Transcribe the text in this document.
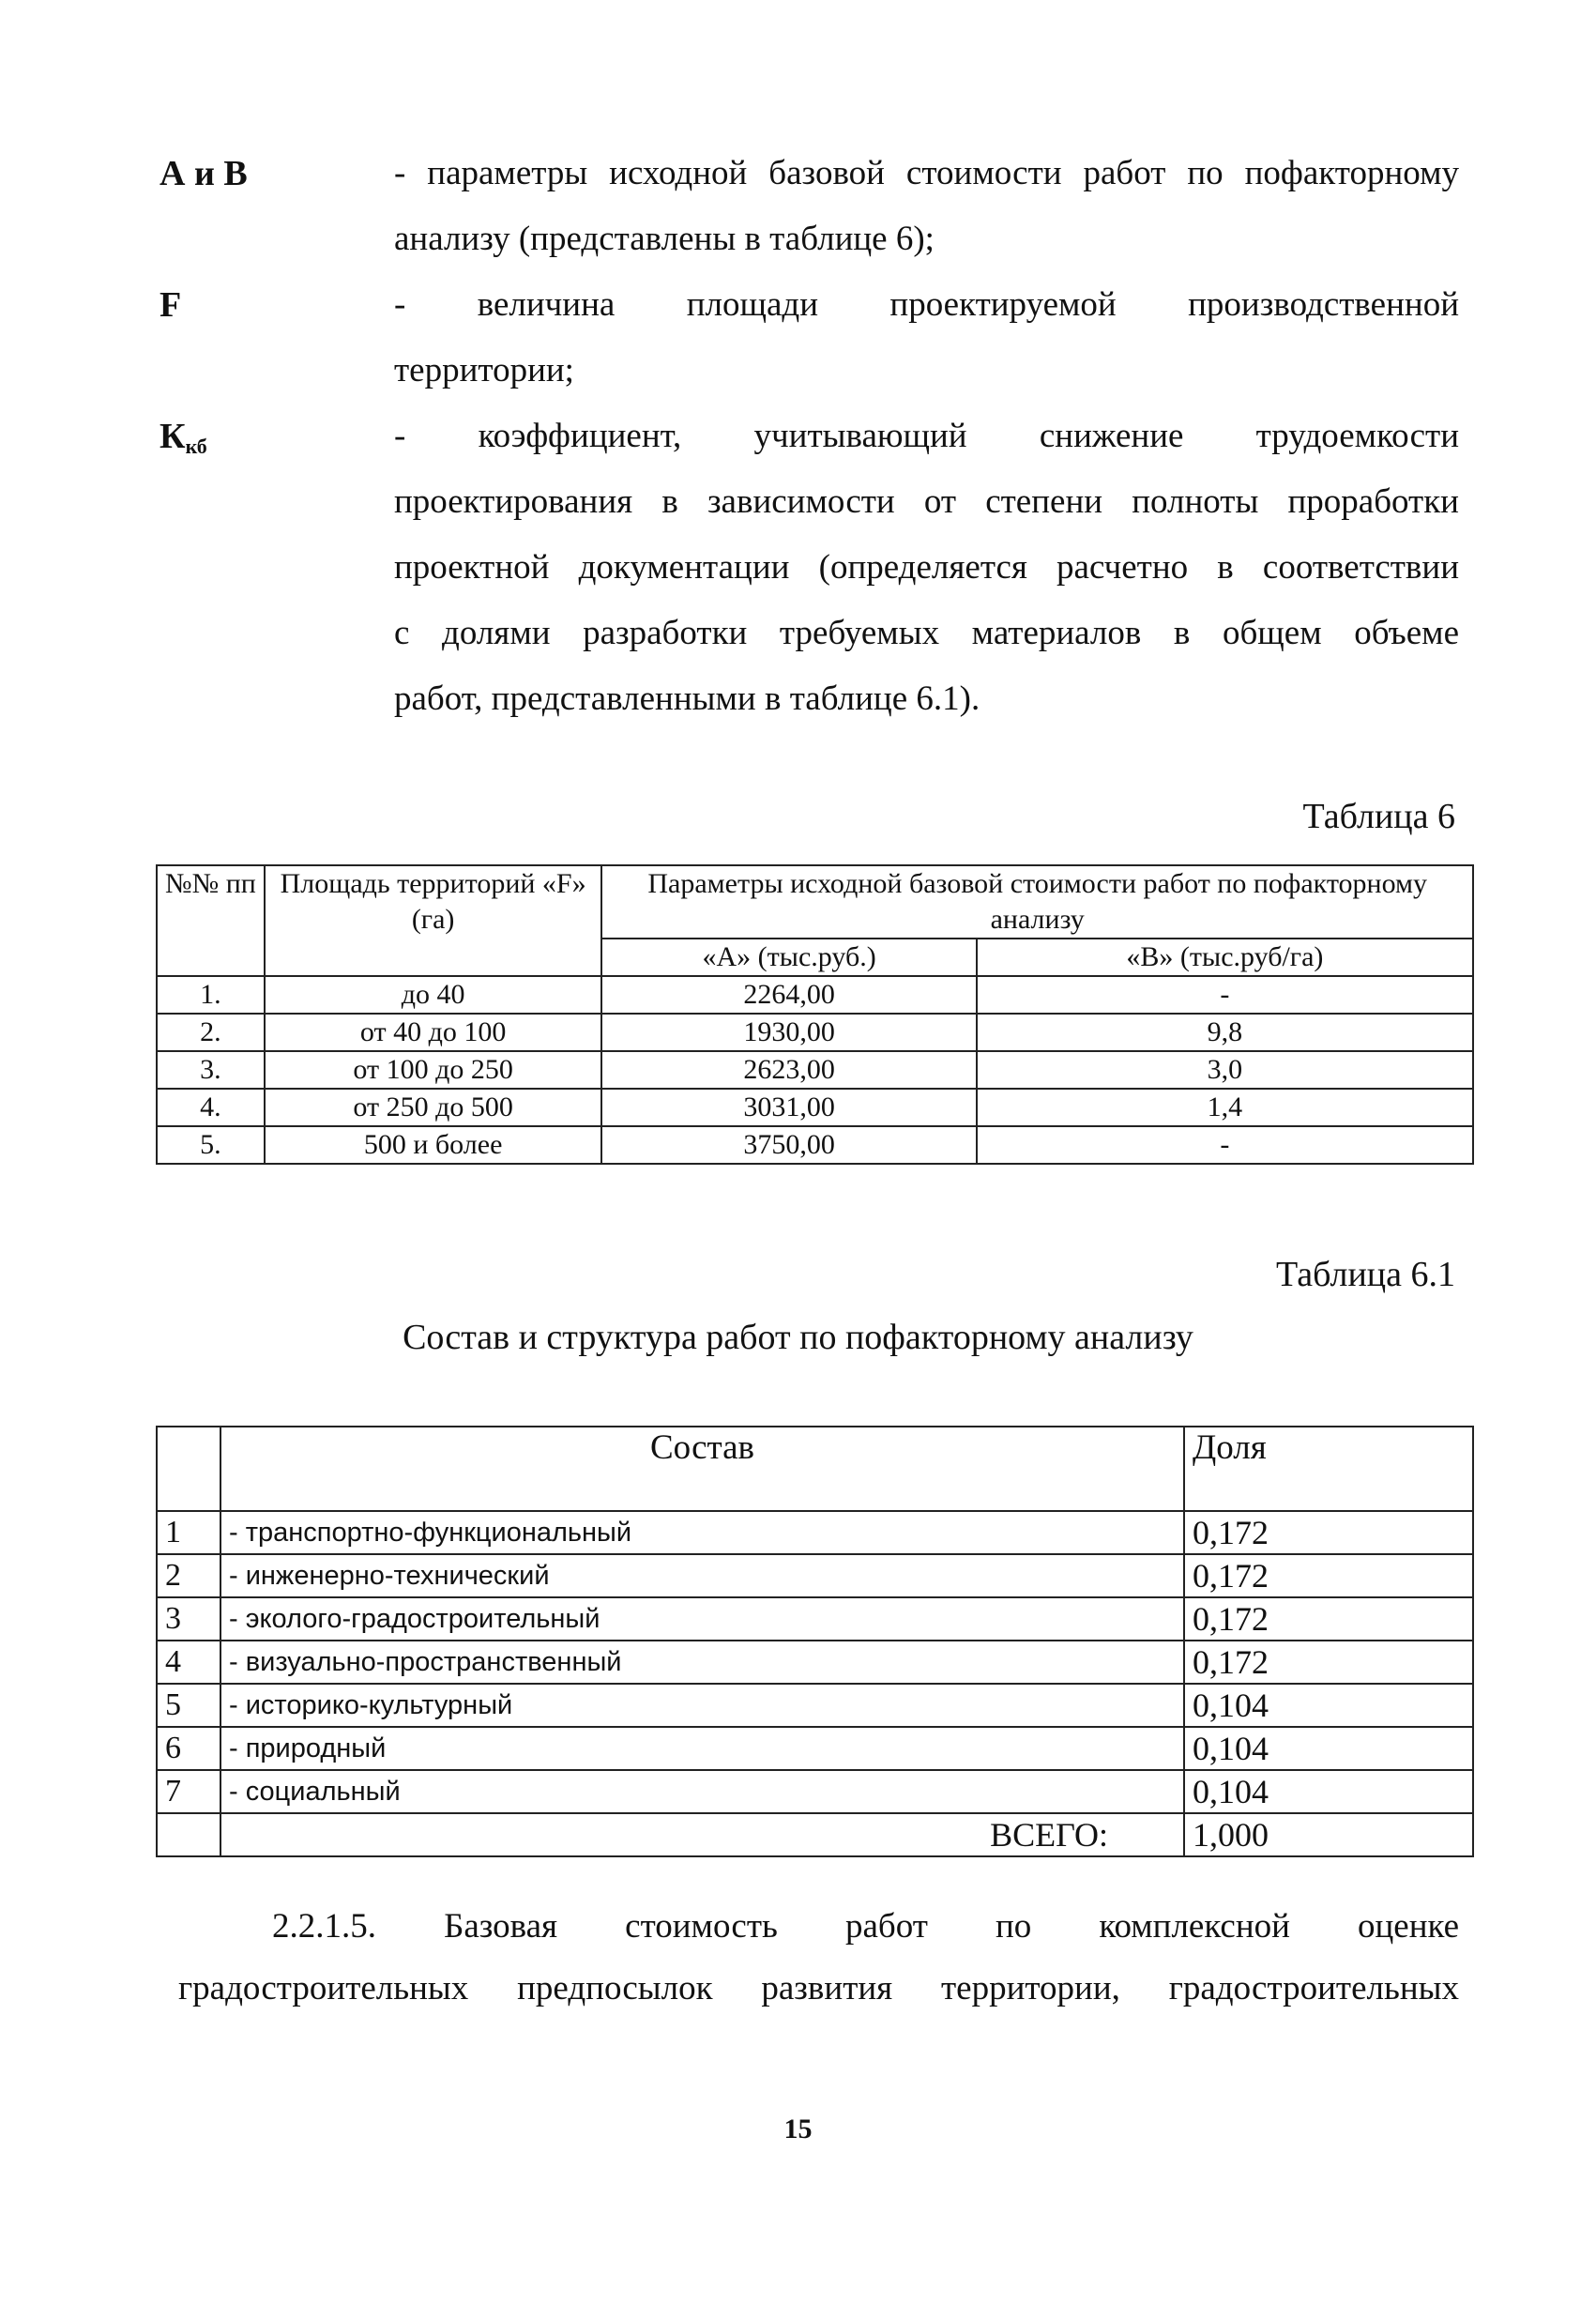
А и В	- параметры исходной базовой стоимости работ по пофакторному
анализу (представлены в таблице 6);
F	- величина площади проектируемой производственной
территории;
Ккб	- коэффициент, учитывающий снижение трудоемкости
проектирования в зависимости от степени полноты проработки
проектной документации (определяется расчетно в соответствии
с долями разработки требуемых материалов в общем объеме
работ, представленными в таблице 6.1).
Таблица 6
№№ пп	Площадь территорий «F» (га)	Параметры исходной базовой стоимости работ по пофакторному анализу	
		«А» (тыс.руб.)	«В» (тыс.руб/га)
1.	до 40	2264,00	-
2.	от 40 до 100	1930,00	9,8
3.	от 100 до 250	2623,00	3,0
4.	от 250 до 500	3031,00	1,4
5.	500 и более	3750,00	-
Таблица 6.1
Состав и структура работ по пофакторному анализу
	Состав	Доля
1	- транспортно-функциональный	0,172
2	- инженерно-технический	0,172
3	- эколого-градостроительный	0,172
4	- визуально-пространственный	0,172
5	- историко-культурный	0,104
6	- природный	0,104
7	- социальный	0,104
	ВСЕГО:	1,000
2.2.1.5. Базовая стоимость работ по комплексной оценке
градостроительных предпосылок развития территории, градостроительных
15
